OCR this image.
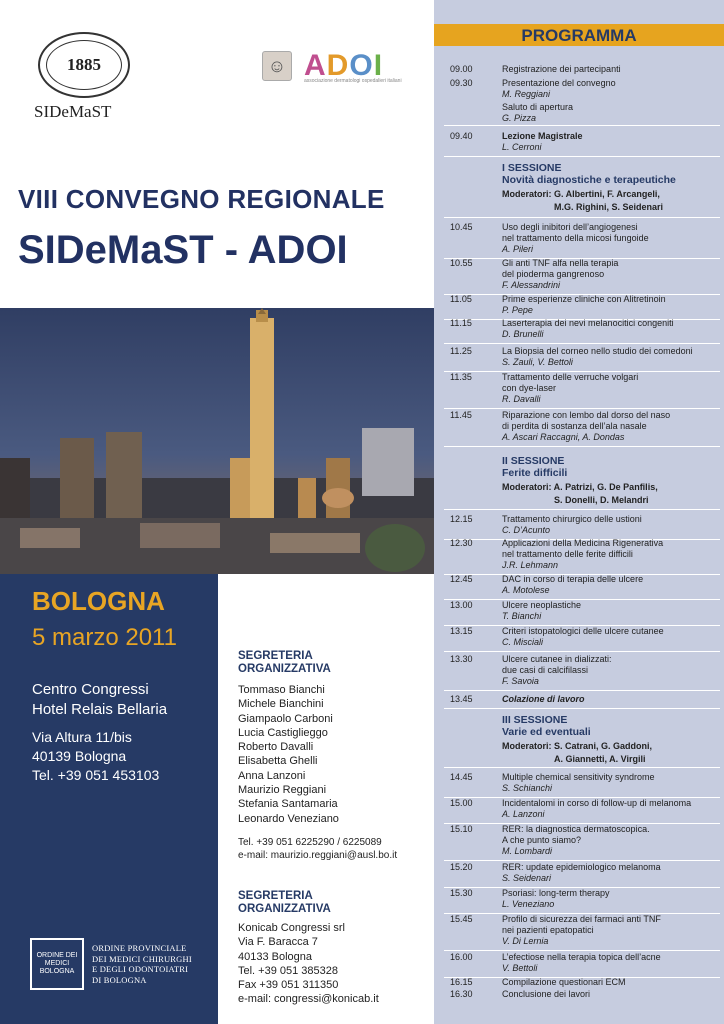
1885
SIDeMaST
☺ ADOI
associazione dermatologi ospedalieri italiani
VIII CONVEGNO REGIONALE
SIDeMaST - ADOI
BOLOGNA
5 marzo 2011
Centro Congressi
Hotel Relais Bellaria
Via Altura 11/bis
40139 Bologna
Tel. +39 051 453103
ORDINE DEI MEDICI BOLOGNA
ORDINE PROVINCIALE
DEI MEDICI CHIRURGHI
E DEGLI ODONTOIATRI
DI BOLOGNA
SEGRETERIA
ORGANIZZATIVA
Tommaso Bianchi
Michele Bianchini
Giampaolo Carboni
Lucia Castiglieggo
Roberto Davalli
Elisabetta Ghelli
Anna Lanzoni
Maurizio Reggiani
Stefania Santamaria
Leonardo Veneziano
Tel. +39 051 6225290 / 6225089
e-mail: maurizio.reggiani@ausl.bo.it
SEGRETERIA
ORGANIZZATIVA
Konicab Congressi srl
Via F. Baracca 7
40133 Bologna
Tel. +39 051 385328
Fax +39 051 311350
e-mail: congressi@konicab.it
PROGRAMMA
09.00	Registrazione dei partecipanti
09.30	Presentazione del convegno
M. Reggiani
Saluto di apertura
G. Pizza
09.40	Lezione Magistrale
L. Cerroni
I SESSIONE
Novità diagnostiche e terapeutiche
Moderatori: G. Albertini, F. Arcangeli,
M.G. Righini, S. Seidenari
10.45	Uso degli inibitori dell’angiogenesi
nel trattamento della micosi fungoide
A. Pileri
10.55	Gli anti TNF alfa nella terapia
del pioderma gangrenoso
F. Alessandrini
11.05	Prime esperienze cliniche con Alitretinoin
P. Pepe
11.15	Laserterapia dei nevi melanocitici congeniti
D. Brunelli
11.25	La Biopsia del corneo nello studio dei comedoni
S. Zauli, V. Bettoli
11.35	Trattamento delle verruche volgari
con dye-laser
R. Davalli
11.45	Riparazione con lembo dal dorso del naso
di perdita di sostanza dell’ala nasale
A. Ascari Raccagni, A. Dondas
II SESSIONE
Ferite difficili
Moderatori: A. Patrizi, G. De Panfilis,
S. Donelli, D. Melandri
12.15	Trattamento chirurgico delle ustioni
C. D’Acunto
12.30	Applicazioni della Medicina Rigenerativa
nel trattamento delle ferite difficili
J.R. Lehmann
12.45	DAC in corso di terapia delle ulcere
A. Motolese
13.00	Ulcere neoplastiche
T. Bianchi
13.15	Criteri istopatologici delle ulcere cutanee
C. Misciali
13.30	Ulcere cutanee in dializzati:
due casi di calcifilassi
F. Savoia
13.45	Colazione di lavoro
III SESSIONE
Varie ed eventuali
Moderatori: S. Catrani, G. Gaddoni,
A. Giannetti, A. Virgili
14.45	Multiple chemical sensitivity syndrome
S. Schianchi
15.00	Incidentalomi in corso di follow-up di melanoma
A. Lanzoni
15.10	RER: la diagnostica dermatoscopica.
A che punto siamo?
M. Lombardi
15.20	RER: update epidemiologico melanoma
S. Seidenari
15.30	Psoriasi: long-term therapy
L. Veneziano
15.45	Profilo di sicurezza dei farmaci anti TNF
nei pazienti epatopatici
V. Di Lernia
16.00	L’efectiose nella terapia topica dell’acne
V. Bettoli
16.15	Compilazione questionari ECM
16.30	Conclusione dei lavori
